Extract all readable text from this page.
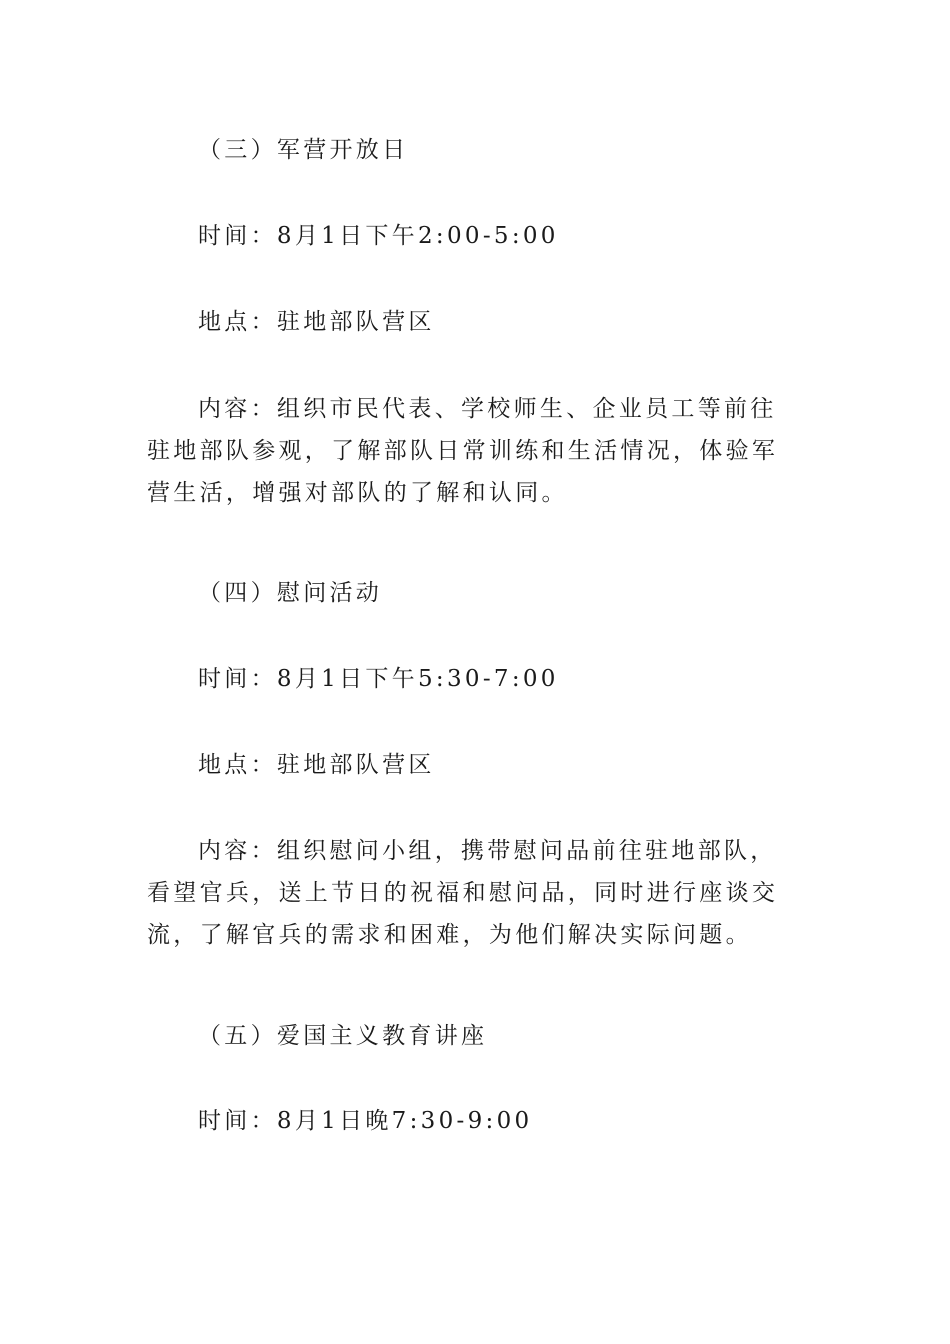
（三）军营开放日

时间：8月1日下午2:00-5:00

地点：驻地部队营区

内容：组织市民代表、学校师生、企业员工等前往驻地部队参观，了解部队日常训练和生活情况，体验军营生活，增强对部队的了解和认同。

（四）慰问活动

时间：8月1日下午5:30-7:00

地点：驻地部队营区

内容：组织慰问小组，携带慰问品前往驻地部队，看望官兵，送上节日的祝福和慰问品，同时进行座谈交流，了解官兵的需求和困难，为他们解决实际问题。

（五）爱国主义教育讲座

时间：8月1日晚7:30-9:00
